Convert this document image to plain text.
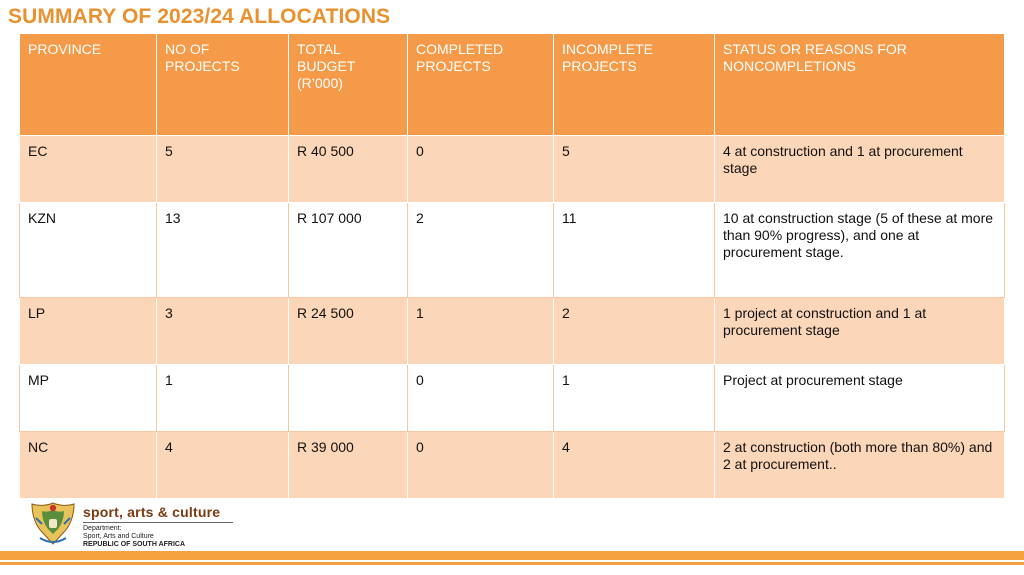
SUMMARY OF 2023/24 ALLOCATIONS
PROVINCE	NO OF PROJECTS	TOTAL BUDGET (R’000)	COMPLETED PROJECTS	INCOMPLETE PROJECTS	STATUS OR REASONS FOR NONCOMPLETIONS
EC	5	R 40 500	0	5	4 at construction and 1 at procurement stage
KZN	13	R 107 000	2	11	10 at construction stage (5 of these at more than 90% progress), and one at procurement stage.
LP	3	R 24 500	1	2	1 project at construction and 1 at procurement stage
MP	1		0	1	Project at procurement stage
NC	4	R 39 000	0	4	2 at construction (both more than 80%) and 2 at procurement..
sport, arts & culture
Department:
Sport, Arts and Culture
REPUBLIC OF SOUTH AFRICA
